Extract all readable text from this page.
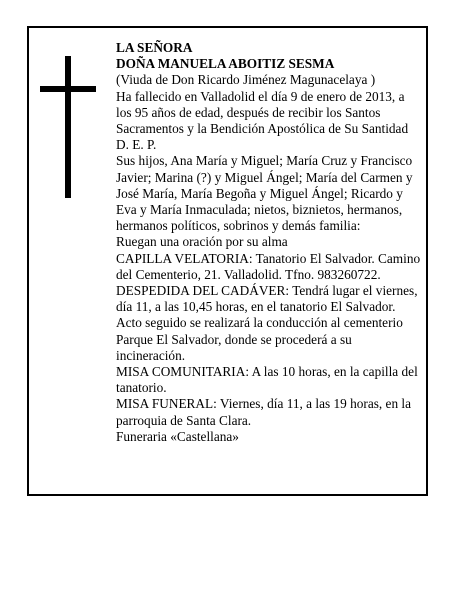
LA SEÑORA

DOÑA MANUELA ABOITIZ SESMA

(Viuda de Don Ricardo Jiménez Magunacelaya )

Ha fallecido en Valladolid el día 9 de enero de 2013, a los 95 años de edad, después de recibir los Santos Sacramentos y la Bendición Apostólica de Su Santidad

D. E. P.

Sus hijos, Ana María y Miguel; María Cruz y Francisco Javier; Marina (?) y Miguel Ángel; María del Carmen y José María, María Begoña y Miguel Ángel; Ricardo y Eva y María Inmaculada; nietos, biznietos, hermanos, hermanos políticos, sobrinos y demás familia:

Ruegan una oración por su alma

CAPILLA VELATORIA: Tanatorio El Salvador. Camino del Cementerio, 21. Valladolid. Tfno. 983260722.

DESPEDIDA DEL CADÁVER: Tendrá lugar el viernes, día 11, a las 10,45 horas, en el tanatorio El Salvador. Acto seguido se realizará la conducción al cementerio Parque El Salvador, donde se procederá a su incineración.

MISA COMUNITARIA: A las 10 horas, en la capilla del tanatorio.

MISA FUNERAL: Viernes, día 11, a las 19 horas, en la parroquia de Santa Clara.

Funeraria «Castellana»
